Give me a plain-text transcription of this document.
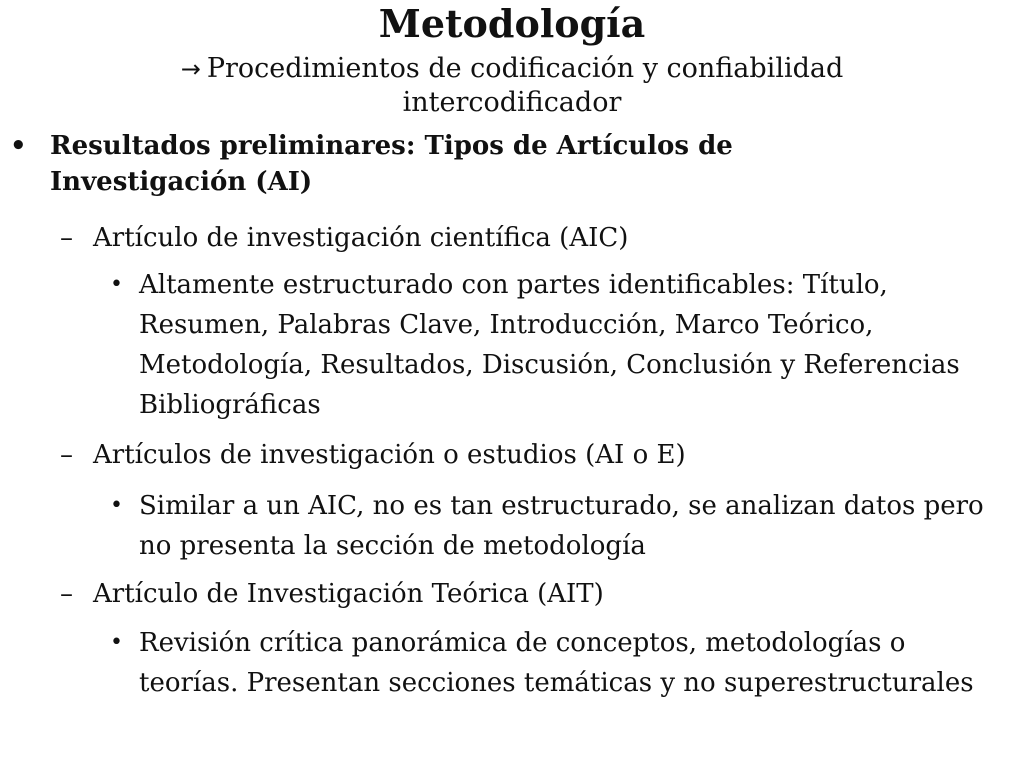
Metodología
→ Procedimientos de codificación y confiabilidad intercodificador
• Resultados preliminares: Tipos de Artículos de Investigación (AI)
– Artículo de investigación científica (AIC)
• Altamente estructurado con partes identificables: Título, Resumen, Palabras Clave, Introducción, Marco Teórico, Metodología, Resultados, Discusión, Conclusión y Referencias Bibliográficas
– Artículos de investigación o estudios (AI o E)
• Similar a un AIC, no es tan estructurado, se analizan datos pero no presenta la sección de metodología
– Artículo de Investigación Teórica (AIT)
• Revisión crítica panorámica de conceptos, metodologías o teorías. Presentan secciones temáticas y no superestructurales
